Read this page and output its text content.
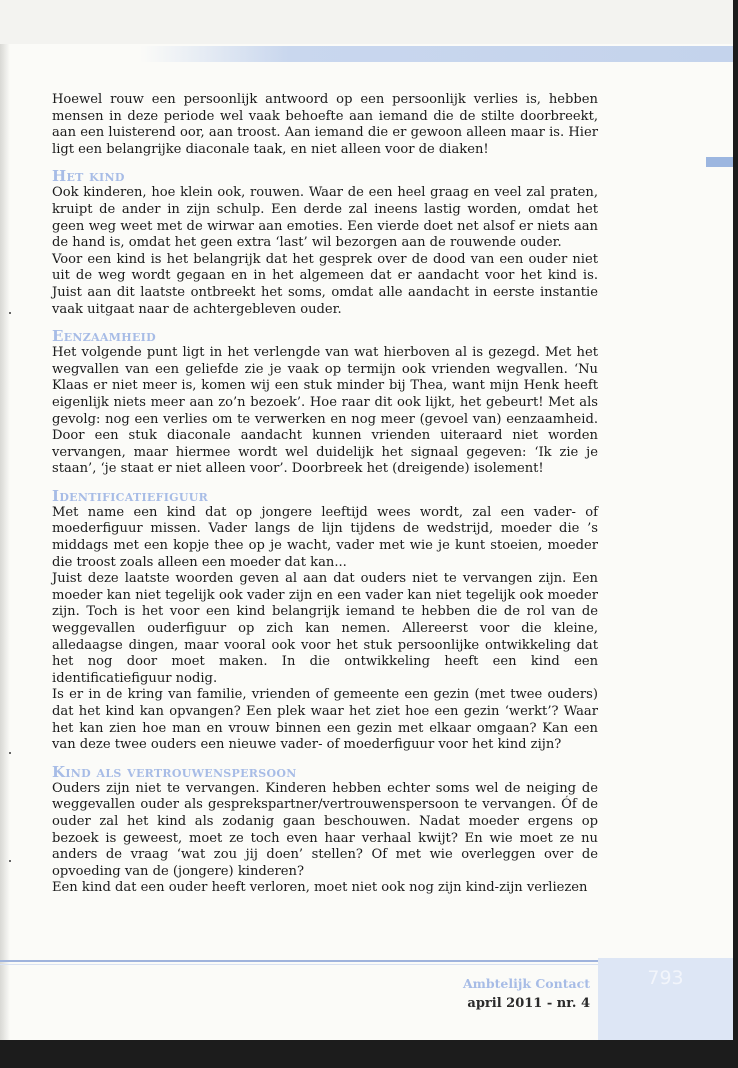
Hoewel rouw een persoonlijk antwoord op een persoonlijk verlies is, hebben mensen in deze periode wel vaak behoefte aan iemand die de stilte doorbreekt, aan een luisterend oor, aan troost. Aan iemand die er gewoon alleen maar is. Hier ligt een belangrijke diaconale taak, en niet alleen voor de diaken!

Het kind

Ook kinderen, hoe klein ook, rouwen. Waar de een heel graag en veel zal praten, kruipt de ander in zijn schulp. Een derde zal ineens lastig worden, omdat het geen weg weet met de wirwar aan emoties. Een vierde doet net alsof er niets aan de hand is, omdat het geen extra ‘last’ wil bezorgen aan de rouwende ouder.

Voor een kind is het belangrijk dat het gesprek over de dood van een ouder niet uit de weg wordt gegaan en in het algemeen dat er aandacht voor het kind is. Juist aan dit laatste ontbreekt het soms, omdat alle aandacht in eerste instantie vaak uitgaat naar de achtergebleven ouder.

Eenzaamheid

Het volgende punt ligt in het verlengde van wat hierboven al is gezegd. Met het wegvallen van een geliefde zie je vaak op termijn ook vrienden wegvallen. ‘Nu Klaas er niet meer is, komen wij een stuk minder bij Thea, want mijn Henk heeft eigenlijk niets meer aan zo’n bezoek’. Hoe raar dit ook lijkt, het gebeurt! Met als gevolg: nog een verlies om te verwerken en nog meer (gevoel van) eenzaamheid. Door een stuk diaconale aandacht kunnen vrienden uiteraard niet worden vervangen, maar hiermee wordt wel duidelijk het signaal gegeven: ‘Ik zie je staan’, ‘je staat er niet alleen voor’. Doorbreek het (dreigende) isolement!

Identificatiefiguur

Met name een kind dat op jongere leeftijd wees wordt, zal een vader- of moederfiguur missen. Vader langs de lijn tijdens de wedstrijd, moeder die ’s middags met een kopje thee op je wacht, vader met wie je kunt stoeien, moeder die troost zoals alleen een moeder dat kan...

Juist deze laatste woorden geven al aan dat ouders niet te vervangen zijn. Een moeder kan niet tegelijk ook vader zijn en een vader kan niet tegelijk ook moeder zijn. Toch is het voor een kind belangrijk iemand te hebben die de rol van de weggevallen ouderfiguur op zich kan nemen. Allereerst voor die kleine, alledaagse dingen, maar vooral ook voor het stuk persoonlijke ontwikkeling dat het nog door moet maken. In die ontwikkeling heeft een kind een identificatiefiguur nodig.

Is er in de kring van familie, vrienden of gemeente een gezin (met twee ouders) dat het kind kan opvangen? Een plek waar het ziet hoe een gezin ‘werkt’? Waar het kan zien hoe man en vrouw binnen een gezin met elkaar omgaan? Kan een van deze twee ouders een nieuwe vader- of moederfiguur voor het kind zijn?

Kind als vertrouwenspersoon

Ouders zijn niet te vervangen. Kinderen hebben echter soms wel de neiging de weggevallen ouder als gesprekspartner/vertrouwenspersoon te vervangen. Óf de ouder zal het kind als zodanig gaan beschouwen. Nadat moeder ergens op bezoek is geweest, moet ze toch even haar verhaal kwijt? En wie moet ze nu anders de vraag ‘wat zou jij doen’ stellen? Of met wie overleggen over de opvoeding van de (jongere) kinderen?

Een kind dat een ouder heeft verloren, moet niet ook nog zijn kind-zijn verliezen

793
Ambtelijk Contact
april 2011 - nr. 4
